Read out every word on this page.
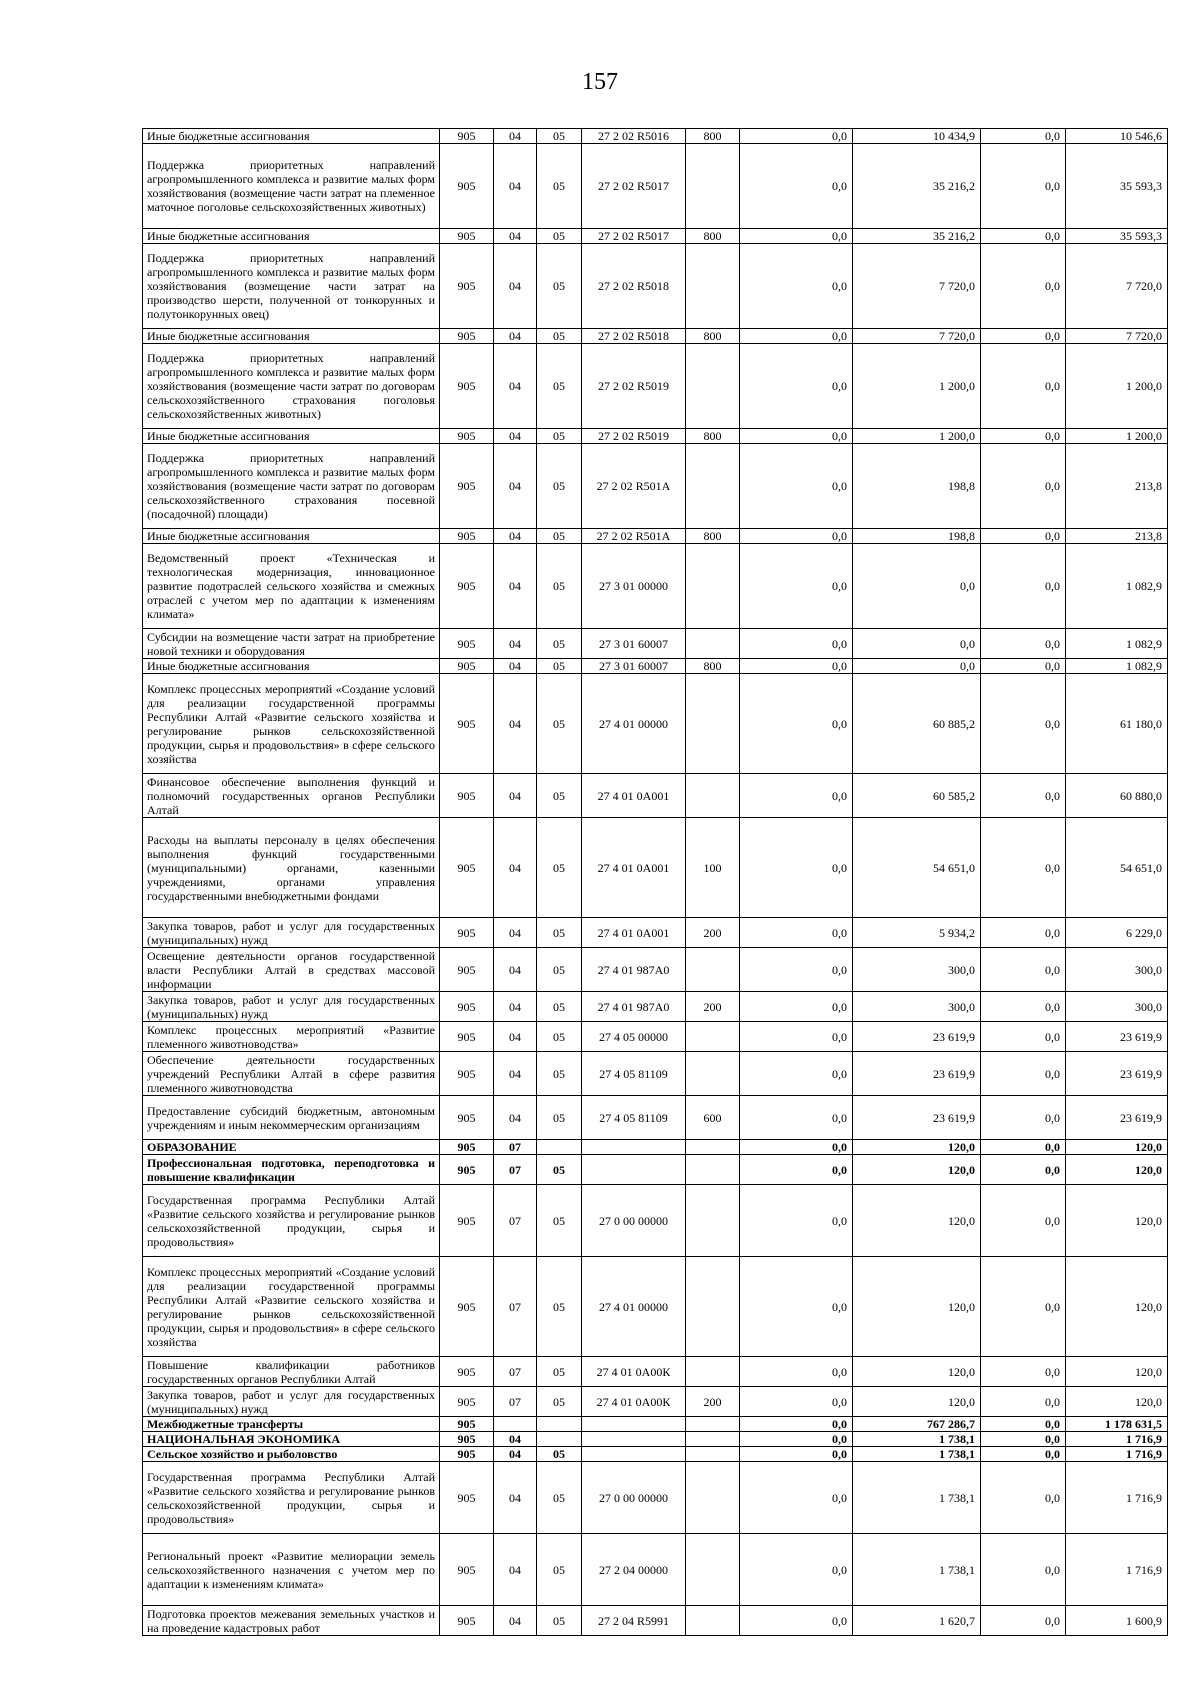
157
Иные бюджетные ассигнования	905	04	05	27 2 02 R5016	800	0,0	10 434,9	0,0	10 546,6
Поддержка приоритетных направлений агропромышленного комплекса и развитие малых форм хозяйствования (возмещение части затрат на племенное маточное поголовье сельскохозяйственных животных)	905	04	05	27 2 02 R5017		0,0	35 216,2	0,0	35 593,3
Иные бюджетные ассигнования	905	04	05	27 2 02 R5017	800	0,0	35 216,2	0,0	35 593,3
Поддержка приоритетных направлений агропромышленного комплекса и развитие малых форм хозяйствования (возмещение части затрат на производство шерсти, полученной от тонкорунных и полутонкорунных овец)	905	04	05	27 2 02 R5018		0,0	7 720,0	0,0	7 720,0
Иные бюджетные ассигнования	905	04	05	27 2 02 R5018	800	0,0	7 720,0	0,0	7 720,0
Поддержка приоритетных направлений агропромышленного комплекса и развитие малых форм хозяйствования (возмещение части затрат по договорам сельскохозяйственного страхования поголовья сельскохозяйственных животных)	905	04	05	27 2 02 R5019		0,0	1 200,0	0,0	1 200,0
Иные бюджетные ассигнования	905	04	05	27 2 02 R5019	800	0,0	1 200,0	0,0	1 200,0
Поддержка приоритетных направлений агропромышленного комплекса и развитие малых форм хозяйствования (возмещение части затрат по договорам сельскохозяйственного страхования посевной (посадочной) площади)	905	04	05	27 2 02 R501A		0,0	198,8	0,0	213,8
Иные бюджетные ассигнования	905	04	05	27 2 02 R501A	800	0,0	198,8	0,0	213,8
Ведомственный проект «Техническая и технологическая модернизация, инновационное развитие подотраслей сельского хозяйства и смежных отраслей с учетом мер по адаптации к изменениям климата»	905	04	05	27 3 01 00000		0,0	0,0	0,0	1 082,9
Субсидии на возмещение части затрат на приобретение новой техники и оборудования	905	04	05	27 3 01 60007		0,0	0,0	0,0	1 082,9
Иные бюджетные ассигнования	905	04	05	27 3 01 60007	800	0,0	0,0	0,0	1 082,9
Комплекс процессных мероприятий «Создание условий для реализации государственной программы Республики Алтай «Развитие сельского хозяйства и регулирование рынков сельскохозяйственной продукции, сырья и продовольствия» в сфере сельского хозяйства	905	04	05	27 4 01 00000		0,0	60 885,2	0,0	61 180,0
Финансовое обеспечение выполнения функций и полномочий государственных органов Республики Алтай	905	04	05	27 4 01 0А001		0,0	60 585,2	0,0	60 880,0
Расходы на выплаты персоналу в целях обеспечения выполнения функций государственными (муниципальными) органами, казенными учреждениями, органами управления государственными внебюджетными фондами	905	04	05	27 4 01 0А001	100	0,0	54 651,0	0,0	54 651,0
Закупка товаров, работ и услуг для государственных (муниципальных) нужд	905	04	05	27 4 01 0А001	200	0,0	5 934,2	0,0	6 229,0
Освещение деятельности органов государственной власти Республики Алтай в средствах массовой информации	905	04	05	27 4 01 987А0		0,0	300,0	0,0	300,0
Закупка товаров, работ и услуг для государственных (муниципальных) нужд	905	04	05	27 4 01 987А0	200	0,0	300,0	0,0	300,0
Комплекс процессных мероприятий «Развитие племенного животноводства»	905	04	05	27 4 05 00000		0,0	23 619,9	0,0	23 619,9
Обеспечение деятельности государственных учреждений Республики Алтай в сфере развития племенного животноводства	905	04	05	27 4 05 81109		0,0	23 619,9	0,0	23 619,9
Предоставление субсидий бюджетным, автономным учреждениям и иным некоммерческим организациям	905	04	05	27 4 05 81109	600	0,0	23 619,9	0,0	23 619,9
ОБРАЗОВАНИЕ	905	07				0,0	120,0	0,0	120,0
Профессиональная подготовка, переподготовка и повышение квалификации	905	07	05			0,0	120,0	0,0	120,0
Государственная программа Республики Алтай «Развитие сельского хозяйства и регулирование рынков сельскохозяйственной продукции, сырья и продовольствия»	905	07	05	27 0 00 00000		0,0	120,0	0,0	120,0
Комплекс процессных мероприятий «Создание условий для реализации государственной программы Республики Алтай «Развитие сельского хозяйства и регулирование рынков сельскохозяйственной продукции, сырья и продовольствия» в сфере сельского хозяйства	905	07	05	27 4 01 00000		0,0	120,0	0,0	120,0
Повышение квалификации работников государственных органов Республики Алтай	905	07	05	27 4 01 0А00К		0,0	120,0	0,0	120,0
Закупка товаров, работ и услуг для государственных (муниципальных) нужд	905	07	05	27 4 01 0А00К	200	0,0	120,0	0,0	120,0
Межбюджетные трансферты	905					0,0	767 286,7	0,0	1 178 631,5
НАЦИОНАЛЬНАЯ ЭКОНОМИКА	905	04				0,0	1 738,1	0,0	1 716,9
Сельское хозяйство и рыболовство	905	04	05			0,0	1 738,1	0,0	1 716,9
Государственная программа Республики Алтай «Развитие сельского хозяйства и регулирование рынков сельскохозяйственной продукции, сырья и продовольствия»	905	04	05	27 0 00 00000		0,0	1 738,1	0,0	1 716,9
Региональный проект «Развитие мелиорации земель сельскохозяйственного назначения с учетом мер по адаптации к изменениям климата»	905	04	05	27 2 04 00000		0,0	1 738,1	0,0	1 716,9
Подготовка проектов межевания земельных участков и на проведение кадастровых работ	905	04	05	27 2 04 R5991		0,0	1 620,7	0,0	1 600,9
